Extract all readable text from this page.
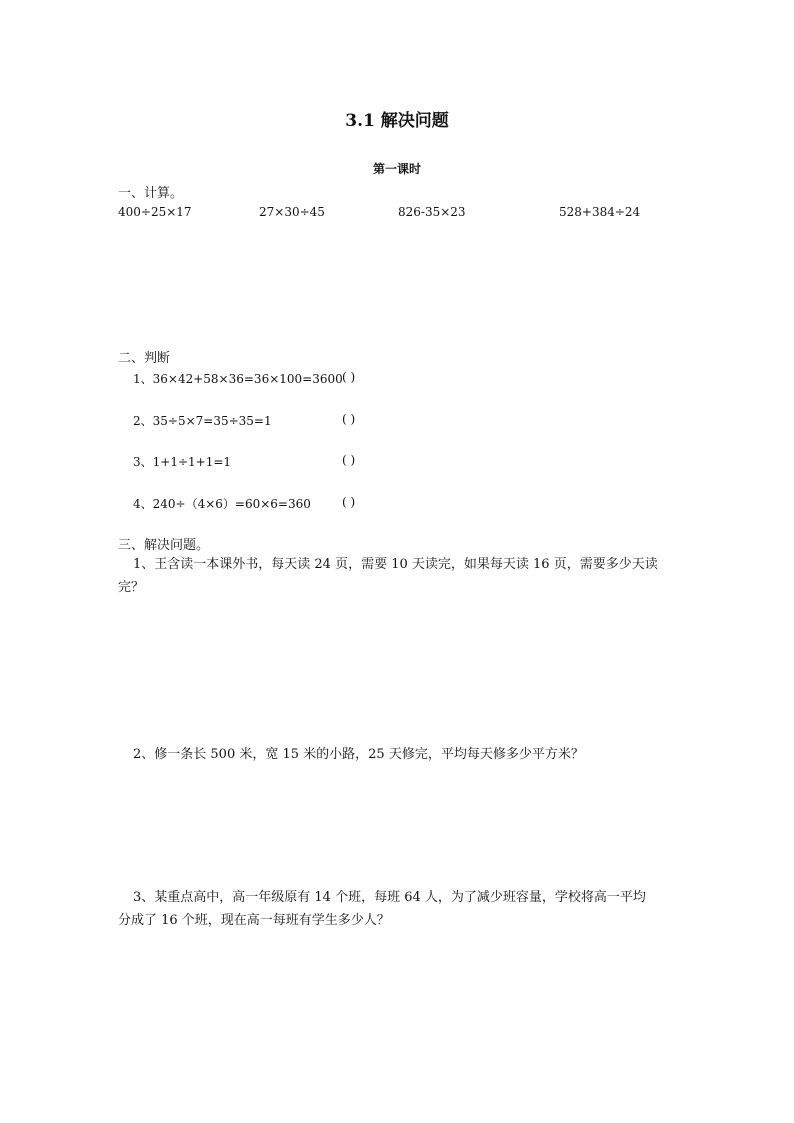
3.1 解决问题
第一课时
一、计算。
400÷25×17	27×30÷45	826-35×23	528+384÷24
二、判断
1、36×42+58×36=36×100=3600 ( )
2、35÷5×7=35÷35=1	( )
3、1+1÷1+1=1	( )
4、240÷（4×6）=60×6=360	( )
三、解决问题。
1、王含读一本课外书，每天读 24 页，需要 10 天读完，如果每天读 16 页，需要多少天读
完？
2、修一条长 500 米，宽 15 米的小路，25 天修完，平均每天修多少平方米？
3、某重点高中，高一年级原有 14 个班，每班 64 人，为了减少班容量，学校将高一平均
分成了 16 个班，现在高一每班有学生多少人？
